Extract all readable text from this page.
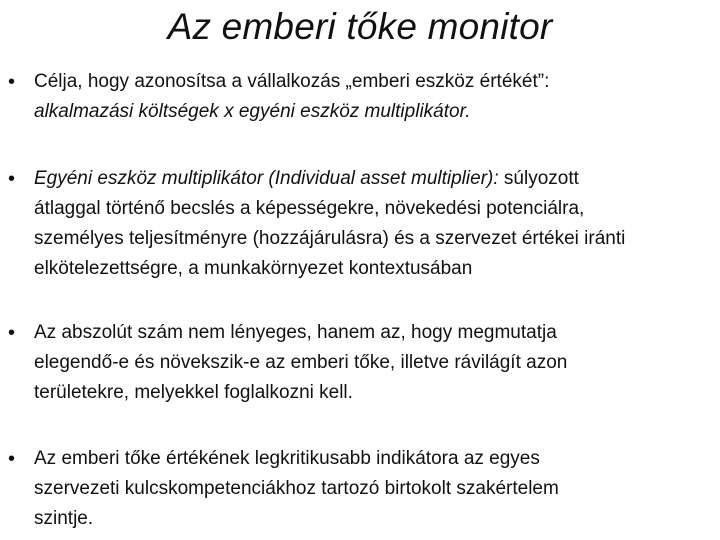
Az emberi tőke monitor
• Célja, hogy azonosítsa a vállalkozás „emberi eszköz értékét”:
alkalmazási költségek x egyéni eszköz multiplikátor.
• Egyéni eszköz multiplikátor (Individual asset multiplier): súlyozott
átlaggal történő becslés a képességekre, növekedési potenciálra,
személyes teljesítményre (hozzájárulásra) és a szervezet értékei iránti
elkötelezettségre, a munkakörnyezet kontextusában
• Az abszolút szám nem lényeges, hanem az, hogy megmutatja
elegendő-e és növekszik-e az emberi tőke, illetve rávilágít azon
területekre, melyekkel foglalkozni kell.
• Az emberi tőke értékének legkritikusabb indikátora az egyes
szervezeti kulcskompetenciákhoz tartozó birtokolt szakértelem
szintje.
